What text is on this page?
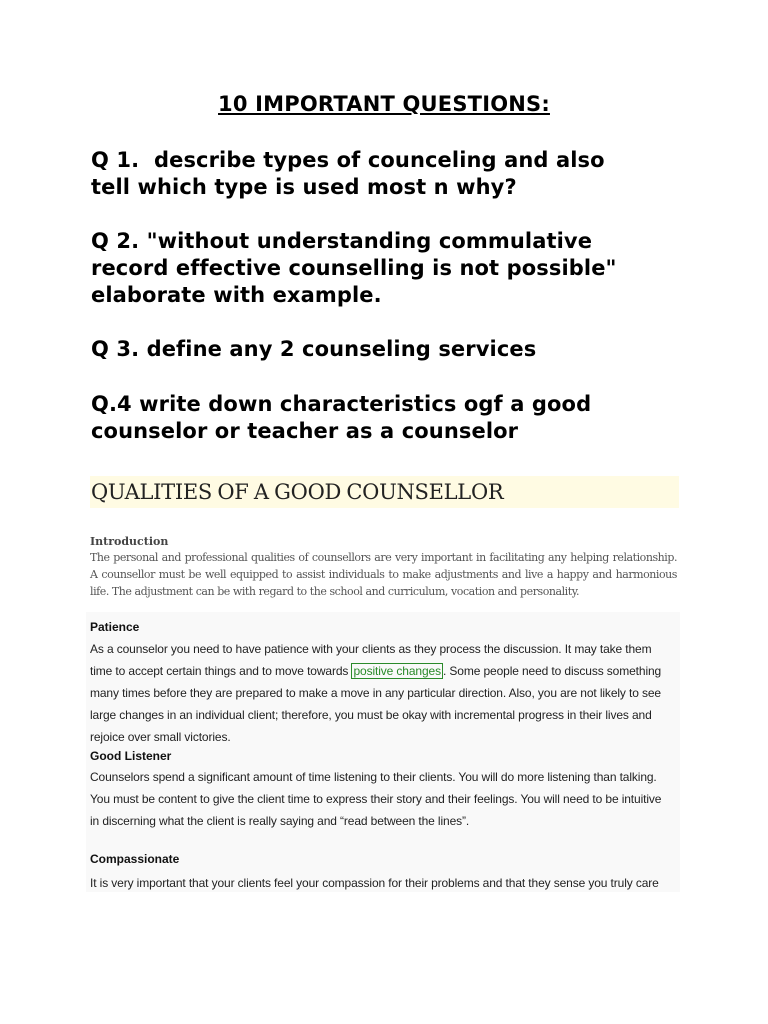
10 IMPORTANT QUESTIONS:
Q 1.  describe types of counceling and also
tell which type is used most n why?
Q 2. "without understanding commulative
record effective counselling is not possible"
elaborate with example.
Q 3. define any 2 counseling services
Q.4 write down characteristics ogf a good
counselor or teacher as a counselor
QUALITIES OF A GOOD COUNSELLOR
Introduction
The personal and professional qualities of counsellors are very important in facilitating any helping relationship. A counsellor must be well equipped to assist individuals to make adjustments and live a happy and harmonious life. The adjustment can be with regard to the school and curriculum, vocation and personality.
Patience
As a counselor you need to have patience with your clients as they process the discussion. It may take them
time to accept certain things and to move towards positive changes . Some people need to discuss something
many times before they are prepared to make a move in any particular direction. Also, you are not likely to see
large changes in an individual client; therefore, you must be okay with incremental progress in their lives and
rejoice over small victories.
Good Listener
Counselors spend a significant amount of time listening to their clients. You will do more listening than talking.
You must be content to give the client time to express their story and their feelings. You will need to be intuitive
in discerning what the client is really saying and “read between the lines”.
Compassionate
It is very important that your clients feel your compassion for their problems and that they sense you truly care
